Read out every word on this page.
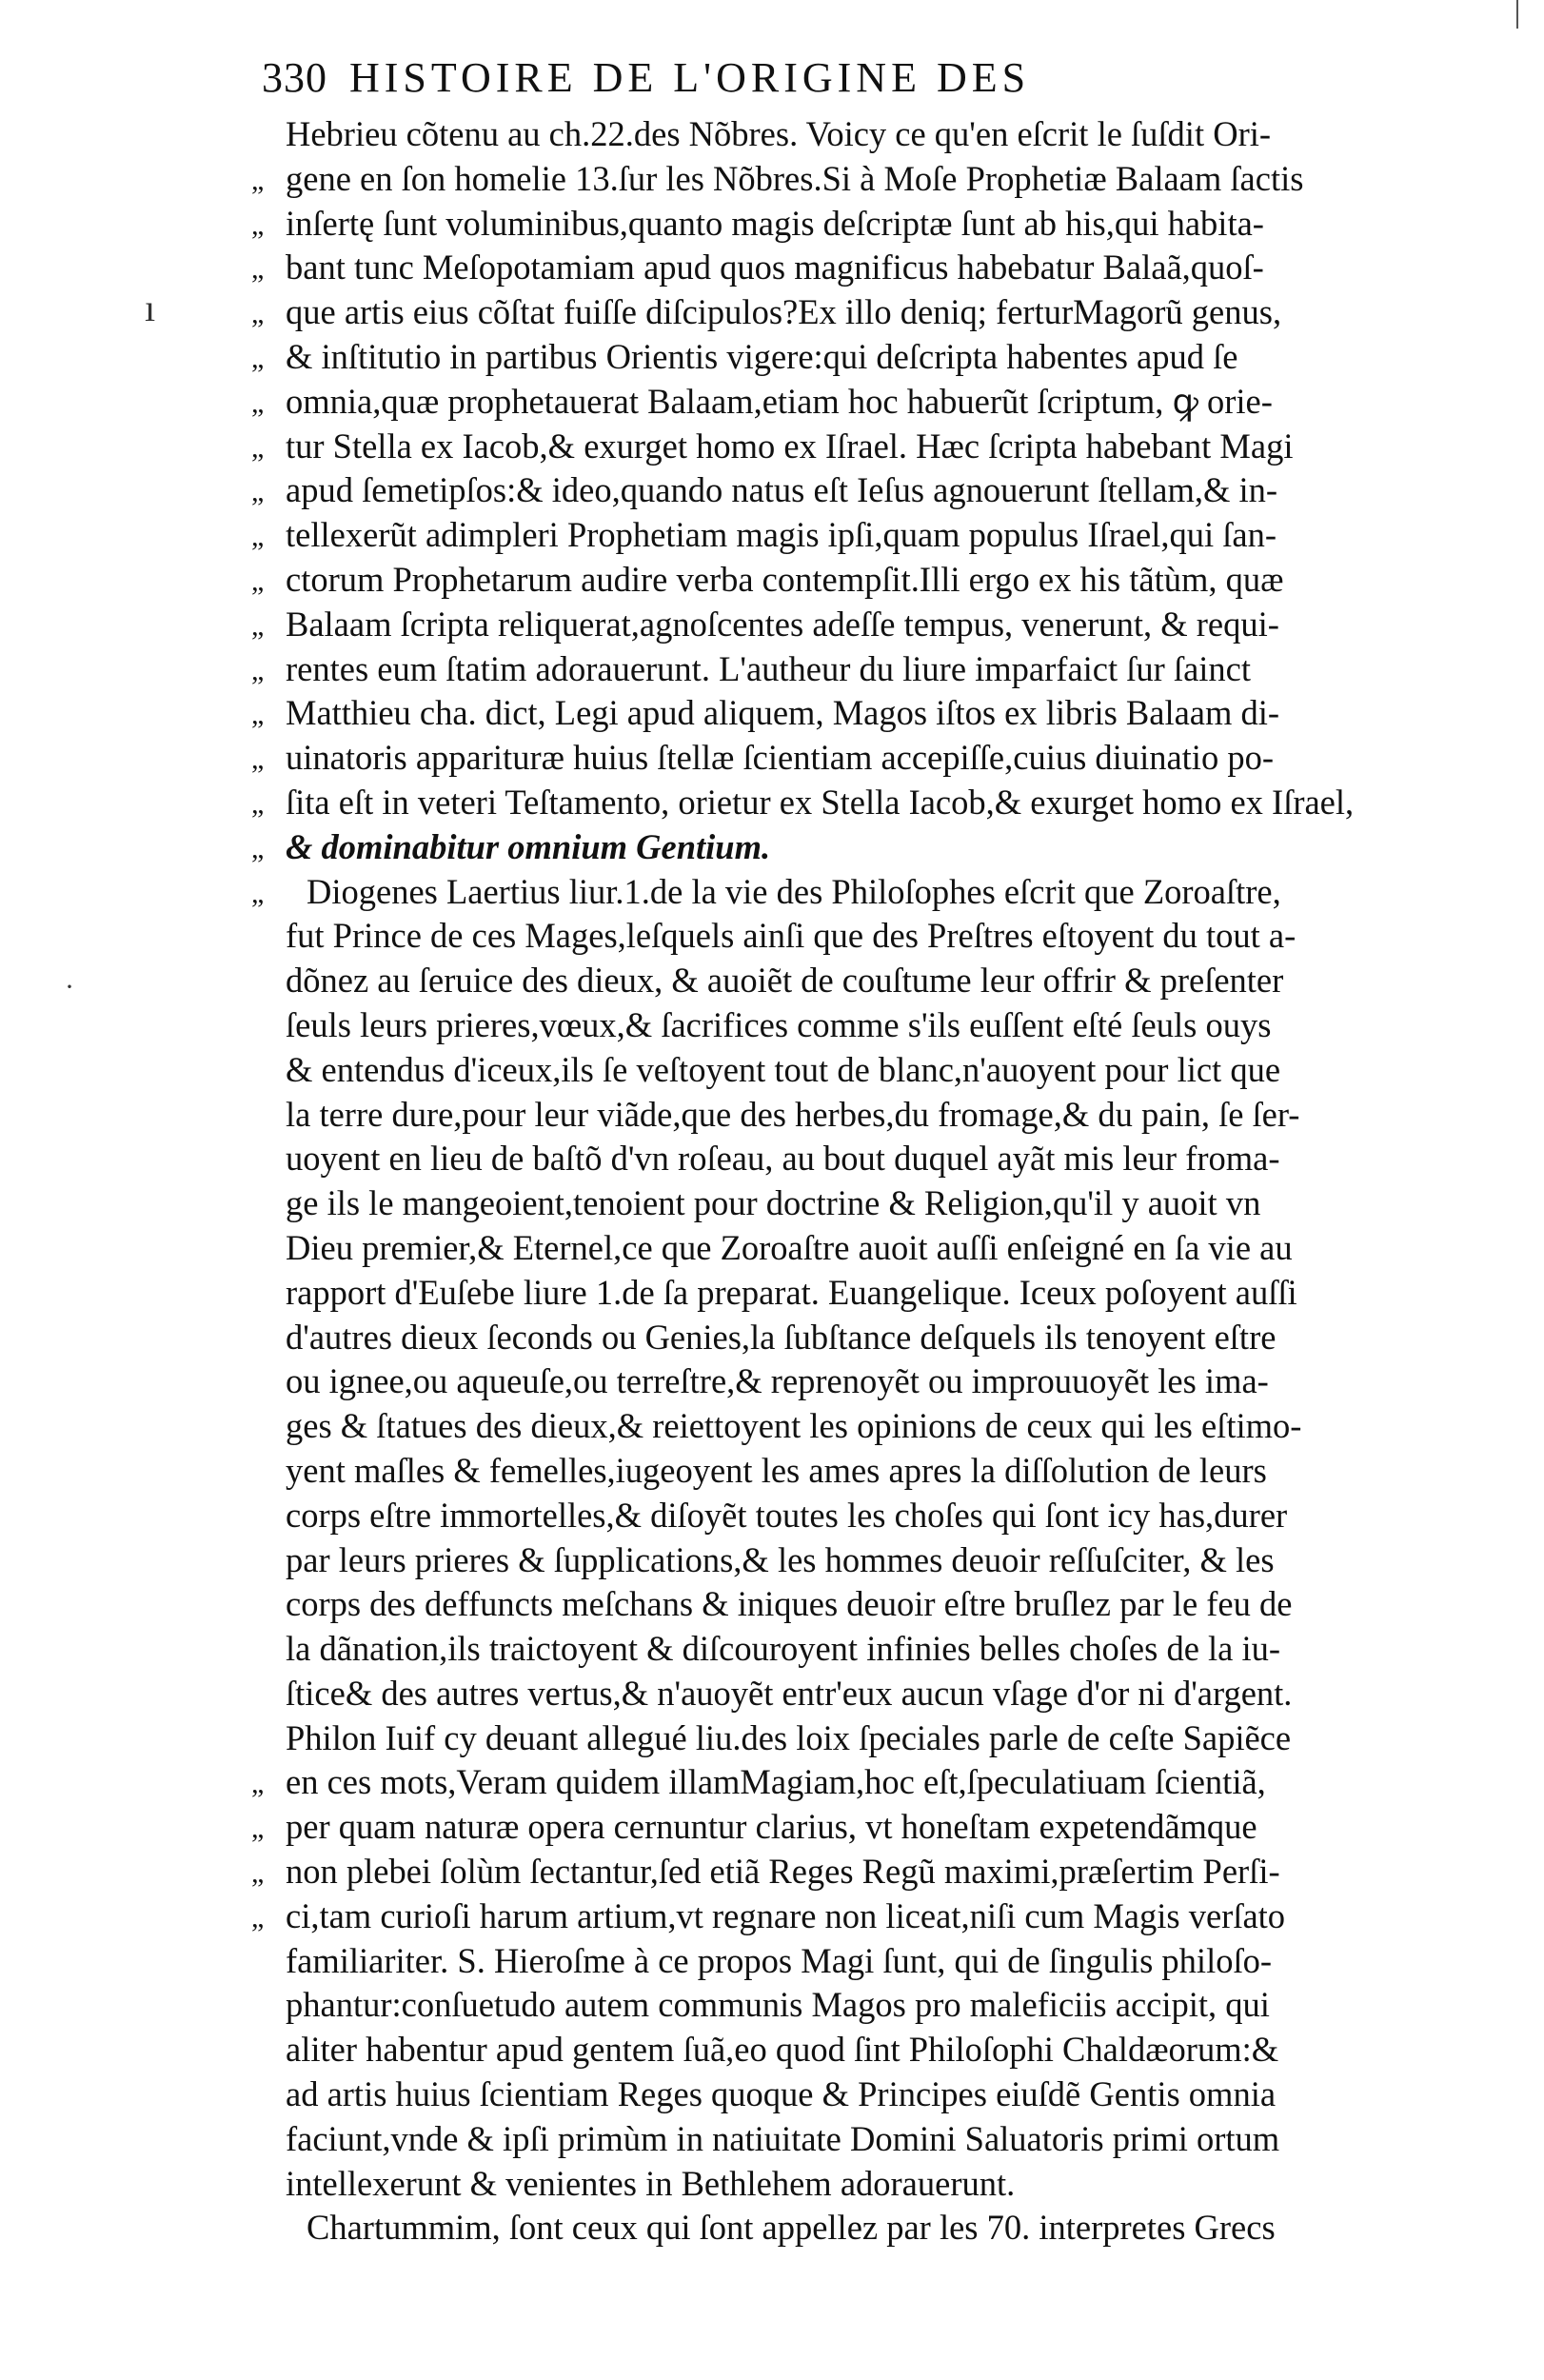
330 HISTOIRE DE L'ORIGINE DES
Hebrieu cõtenu au ch.22.des Nõbres. Voicy ce qu'en eſcrit le ſuſdit Ori-
„ gene en ſon homelie 13.ſur les Nõbres.Si à Moſe Prophetiæ Balaam ſactis
„ inſertę ſunt voluminibus,quanto magis deſcriptæ ſunt ab his,qui habita-
„ bant tunc Meſopotamiam apud quos magnificus habebatur Balaã,quoſ-
„ que artis eius cõſtat fuiſſe diſcipulos?Ex illo deniq; ferturMagorũ genus,
„ & inſtitutio in partibus Orientis vigere:qui deſcripta habentes apud ſe
„ omnia,quæ prophetauerat Balaam,etiam hoc habuerũt ſcriptum, ꝙ orie-
„ tur Stella ex Iacob,& exurget homo ex Iſrael. Hæc ſcripta habebant Magi
„ apud ſemetipſos:& ideo,quando natus eſt Ieſus agnouerunt ſtellam,& in-
„ tellexerũt adimpleri Prophetiam magis ipſi,quam populus Iſrael,qui ſan-
„ ctorum Prophetarum audire verba contempſit.Illi ergo ex his tãtùm, quæ
„ Balaam ſcripta reliquerat,agnoſcentes adeſſe tempus, venerunt, & requi-
„ rentes eum ſtatim adorauerunt. L'autheur du liure imparfaict ſur ſainct
„ Matthieu cha. dict, Legi apud aliquem, Magos iſtos ex libris Balaam di-
„ uinatoris apparituræ huius ſtellæ ſcientiam accepiſſe,cuius diuinatio po-
„ ſita eſt in veteri Teſtamento, orietur ex Stella Iacob,& exurget homo ex Iſrael,
„ & dominabitur omnium Gentium.
„ Diogenes Laertius liur.1.de la vie des Philoſophes eſcrit que Zoroaſtre,
fut Prince de ces Mages,leſquels ainſi que des Preſtres eſtoyent du tout a-
dõnez au ſeruice des dieux, & auoiẽt de couſtume leur offrir & preſenter
ſeuls leurs prieres,vœux,& ſacrifices comme s'ils euſſent eſté ſeuls ouys
& entendus d'iceux,ils ſe veſtoyent tout de blanc,n'auoyent pour lict que
la terre dure,pour leur viãde,que des herbes,du fromage,& du pain, ſe ſer-
uoyent en lieu de baſtõ d'vn roſeau, au bout duquel ayãt mis leur froma-
ge ils le mangeoient,tenoient pour doctrine & Religion,qu'il y auoit vn
Dieu premier,& Eternel,ce que Zoroaſtre auoit auſſi enſeigné en ſa vie au
rapport d'Euſebe liure 1.de ſa preparat. Euangelique. Iceux poſoyent auſſi
d'autres dieux ſeconds ou Genies,la ſubſtance deſquels ils tenoyent eſtre
ou ignee,ou aqueuſe,ou terreſtre,& reprenoyẽt ou improuuoyẽt les ima-
ges & ſtatues des dieux,& reiettoyent les opinions de ceux qui les eſtimo-
yent maſles & femelles,iugeoyent les ames apres la diſſolution de leurs
corps eſtre immortelles,& diſoyẽt toutes les choſes qui ſont icy has,durer
par leurs prieres & ſupplications,& les hommes deuoir reſſuſciter, & les
corps des deffuncts meſchans & iniques deuoir eſtre bruſlez par le feu de
la dãnation,ils traictoyent & diſcouroyent infinies belles choſes de la iu-
ſtice& des autres vertus,& n'auoyẽt entr'eux aucun vſage d'or ni d'argent.
Philon Iuif cy deuant allegué liu.des loix ſpeciales parle de ceſte Sapiẽce
„ en ces mots,Veram quidem illamMagiam,hoc eſt,ſpeculatiuam ſcientiã,
„ per quam naturæ opera cernuntur clarius, vt honeſtam expetendãmque
„ non plebei ſolùm ſectantur,ſed etiã Reges Regũ maximi,præſertim Perſi-
„ ci,tam curioſi harum artium,vt regnare non liceat,niſi cum Magis verſato
familiariter. S. Hieroſme à ce propos Magi ſunt, qui de ſingulis philoſo-
phantur:conſuetudo autem communis Magos pro maleficiis accipit, qui
aliter habentur apud gentem ſuã,eo quod ſint Philoſophi Chaldæorum:&
ad artis huius ſcientiam Reges quoque & Principes eiuſdẽ Gentis omnia
faciunt,vnde & ipſi primùm in natiuitate Domini Saluatoris primi ortum
intellexerunt & venientes in Bethlehem adorauerunt.
Chartummim, ſont ceux qui ſont appellez par les 70. interpretes Grecs
ı
·
